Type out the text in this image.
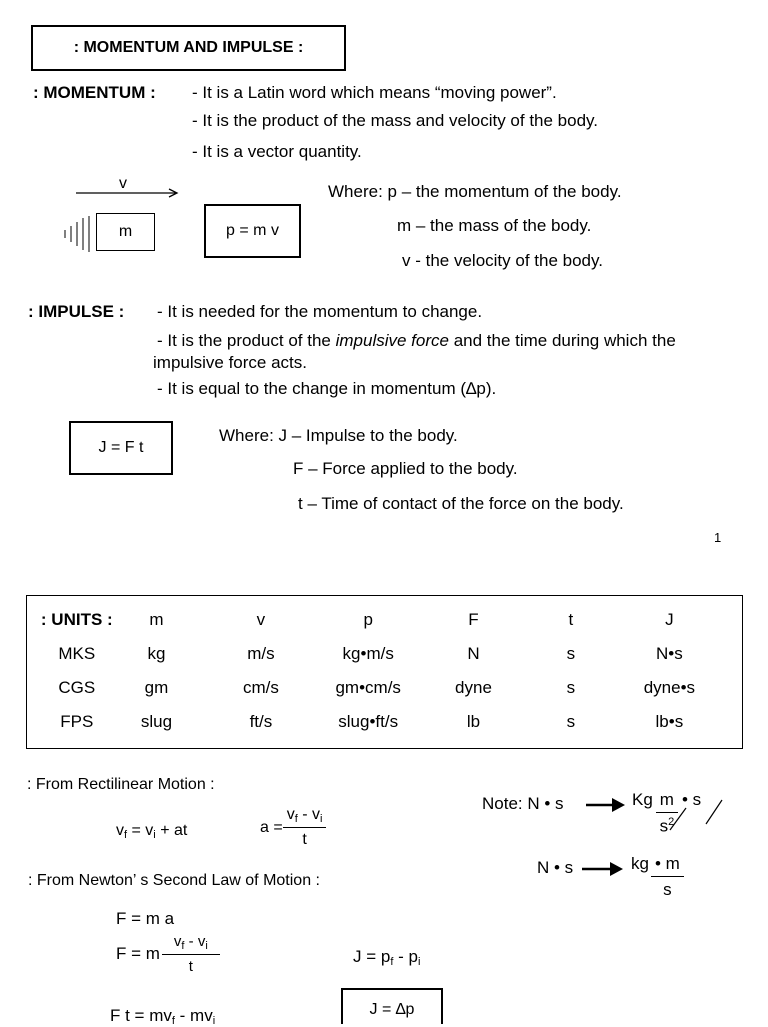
: MOMENTUM AND IMPULSE :
: MOMENTUM : - It is a Latin word which means “moving power”.
- It is the product of the mass and velocity of the body.
- It is a vector quantity.
v
m	p = m v
Where: p – the momentum of the body.
m – the mass of the body.
v - the velocity of the body.
: IMPULSE : - It is needed for the momentum to change.
- It is the product of the impulsive force and the time during which the
impulsive force acts.
- It is equal to the change in momentum (∆p).
J = F t
Where: J – Impulse to the body.
F – Force applied to the body.
t – Time of contact of the force on the body.
1
: UNITS :	m	v	p	F	t	J
MKS	kg	m/s	kg•m/s	N	s	N•s
CGS	gm	cm/s	gm•cm/s	dyne	s	dyne•s
FPS	slug	ft/s	slug•ft/s	lb	s	lb•s
: From Rectilinear Motion :
$v_f = v_i$ + at	$a = \frac{v_f - v_i}{t}$
Note: N • s	Kg $\frac{m}{s^2}$ • s
N • s	kg $\frac{• m}{s}$
: From Newton’ s Second Law of Motion :
F = m a
F = m $\frac{v_f - v_i}{t}$
F $t = mv_f - mv_i$
$J = p_f - p_i$
J = ∆p
